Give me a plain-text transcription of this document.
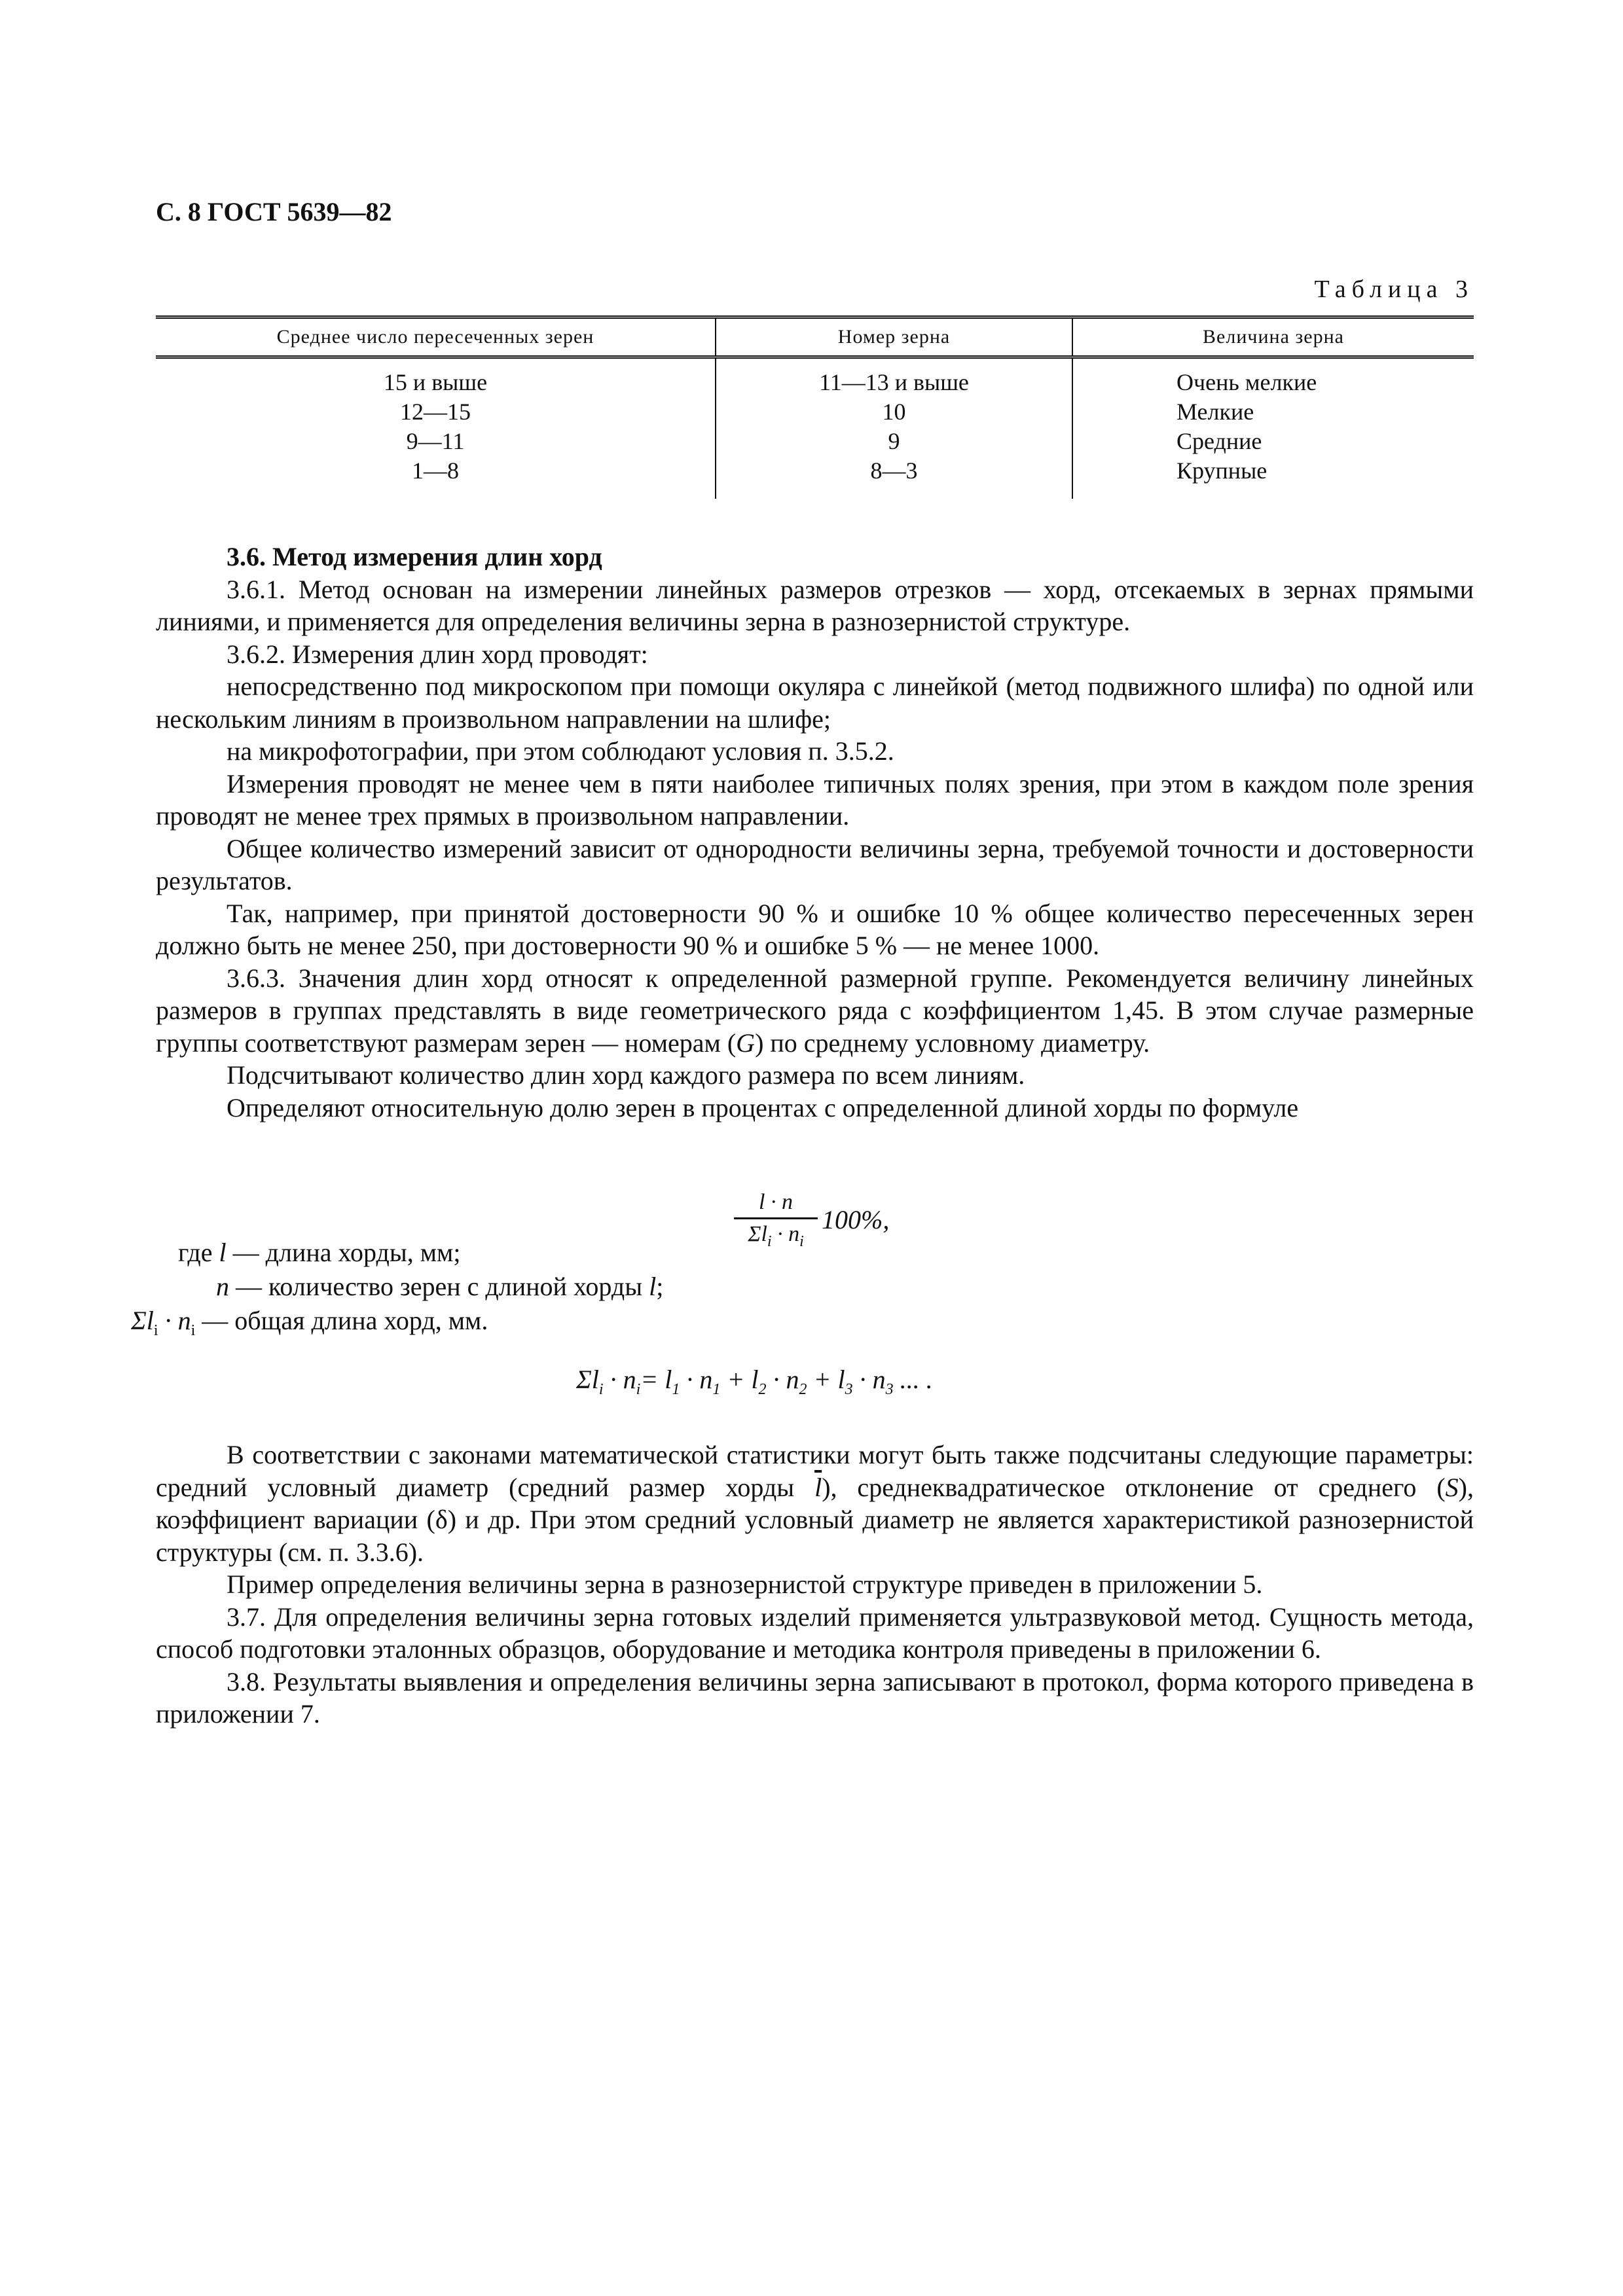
С. 8 ГОСТ 5639—82
Таблица 3
Среднее число пересеченных зерен	Номер зерна	Величина зерна
15 и выше	11—13 и выше	Очень мелкие
12—15	10	Мелкие
9—11	9	Средние
1—8	8—3	Крупные

3.6. Метод измерения длин хорд

3.6.1. Метод основан на измерении линейных размеров отрезков — хорд, отсекаемых в зернах прямыми линиями, и применяется для определения величины зерна в разнозернистой структуре.

3.6.2. Измерения длин хорд проводят:

непосредственно под микроскопом при помощи окуляра с линейкой (метод подвижного шлифа) по одной или нескольким линиям в произвольном направлении на шлифе;

на микрофотографии, при этом соблюдают условия п. 3.5.2.

Измерения проводят не менее чем в пяти наиболее типичных полях зрения, при этом в каждом поле зрения проводят не менее трех прямых в произвольном направлении.

Общее количество измерений зависит от однородности величины зерна, требуемой точности и достоверности результатов.

Так, например, при принятой достоверности 90 % и ошибке 10 % общее количество пересеченных зерен должно быть не менее 250, при достоверности 90 % и ошибке 5 % — не менее 1000.

3.6.3. Значения длин хорд относят к определенной размерной группе. Рекомендуется величину линейных размеров в группах представлять в виде геометрического ряда с коэффициентом 1,45. В этом случае размерные группы соответствуют размерам зерен — номерам (G) по среднему условному диаметру.

Подсчитывают количество длин хорд каждого размера по всем линиям.

Определяют относительную долю зерен в процентах с определенной длиной хорды по формуле

l · n
$\Sigma l_i \cdot n_i$
100%,
где l — длина хорды, мм;
n — количество зерен с длиной хорды l;
$\Sigma l_i \cdot n_i$ — общая длина хорд, мм.
$\Sigma l_i \cdot n_i= l_1 \cdot n_1 + l_2 \cdot n_2 + l_3 \cdot n_3$ ... .

В соответствии с законами математической статистики могут быть также подсчитаны следующие параметры: средний условный диаметр (средний размер хорды $\overline{l}$), среднеквадратическое отклонение от среднего (S), коэффициент вариации (δ) и др. При этом средний условный диаметр не является характеристикой разнозернистой структуры (см. п. 3.3.6).

Пример определения величины зерна в разнозернистой структуре приведен в приложении 5.

3.7. Для определения величины зерна готовых изделий применяется ультразвуковой метод. Сущность метода, способ подготовки эталонных образцов, оборудование и методика контроля приведены в приложении 6.

3.8. Результаты выявления и определения величины зерна записывают в протокол, форма которого приведена в приложении 7.
